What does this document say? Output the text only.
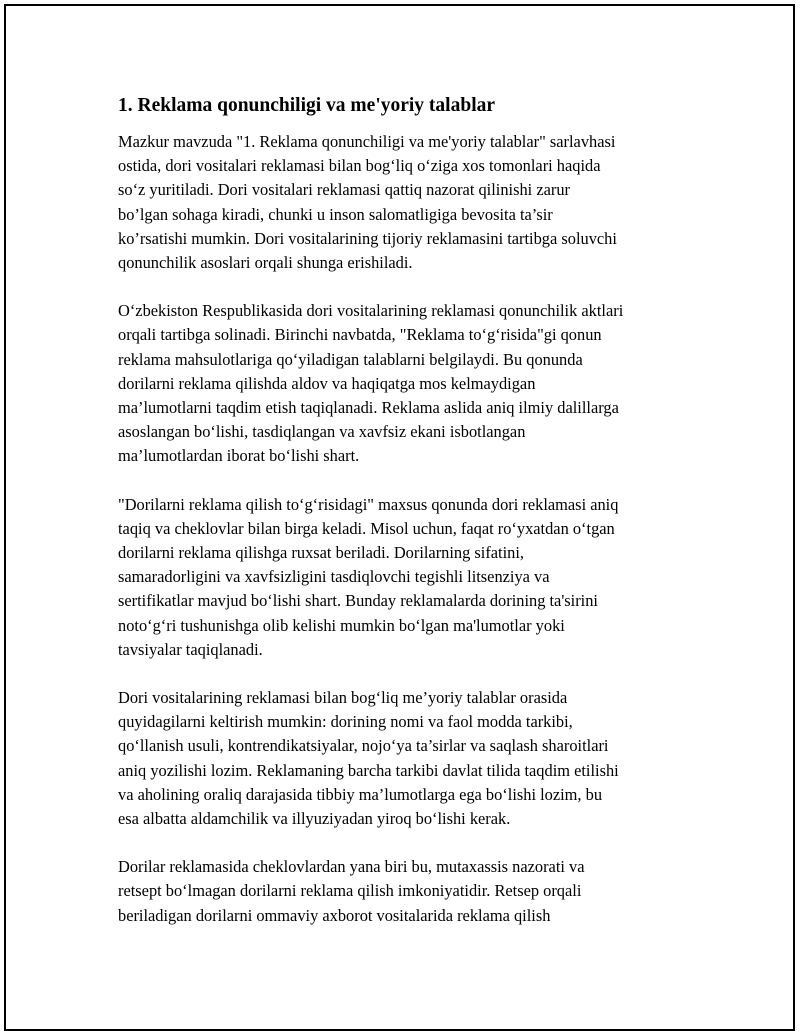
1. Reklama qonunchiligi va me'yoriy talablar

Mazkur mavzuda "1. Reklama qonunchiligi va me'yoriy talablar" sarlavhasi
ostida, dori vositalari reklamasi bilan bog‘liq o‘ziga xos tomonlari haqida
so‘z yuritiladi. Dori vositalari reklamasi qattiq nazorat qilinishi zarur
bo’lgan sohaga kiradi, chunki u inson salomatligiga bevosita ta’sir
ko’rsatishi mumkin. Dori vositalarining tijoriy reklamasini tartibga soluvchi
qonunchilik asoslari orqali shunga erishiladi.

O‘zbekiston Respublikasida dori vositalarining reklamasi qonunchilik aktlari
orqali tartibga solinadi. Birinchi navbatda, "Reklama to‘g‘risida"gi qonun
reklama mahsulotlariga qo‘yiladigan talablarni belgilaydi. Bu qonunda
dorilarni reklama qilishda aldov va haqiqatga mos kelmaydigan
ma’lumotlarni taqdim etish taqiqlanadi. Reklama aslida aniq ilmiy dalillarga
asoslangan bo‘lishi, tasdiqlangan va xavfsiz ekani isbotlangan
ma’lumotlardan iborat bo‘lishi shart.

"Dorilarni reklama qilish to‘g‘risidagi" maxsus qonunda dori reklamasi aniq
taqiq va cheklovlar bilan birga keladi. Misol uchun, faqat ro‘yxatdan o‘tgan
dorilarni reklama qilishga ruxsat beriladi. Dorilarning sifatini,
samaradorligini va xavfsizligini tasdiqlovchi tegishli litsenziya va
sertifikatlar mavjud bo‘lishi shart. Bunday reklamalarda dorining ta'sirini
noto‘g‘ri tushunishga olib kelishi mumkin bo‘lgan ma'lumotlar yoki
tavsiyalar taqiqlanadi.

Dori vositalarining reklamasi bilan bog‘liq me’yoriy talablar orasida
quyidagilarni keltirish mumkin: dorining nomi va faol modda tarkibi,
qo‘llanish usuli, kontrendikatsiyalar, nojo‘ya ta’sirlar va saqlash sharoitlari
aniq yozilishi lozim. Reklamaning barcha tarkibi davlat tilida taqdim etilishi
va aholining oraliq darajasida tibbiy ma’lumotlarga ega bo‘lishi lozim, bu
esa albatta aldamchilik va illyuziyadan yiroq bo‘lishi kerak.

Dorilar reklamasida cheklovlardan yana biri bu, mutaxassis nazorati va
retsept bo‘lmagan dorilarni reklama qilish imkoniyatidir. Retsep orqali
beriladigan dorilarni ommaviy axborot vositalarida reklama qilish
